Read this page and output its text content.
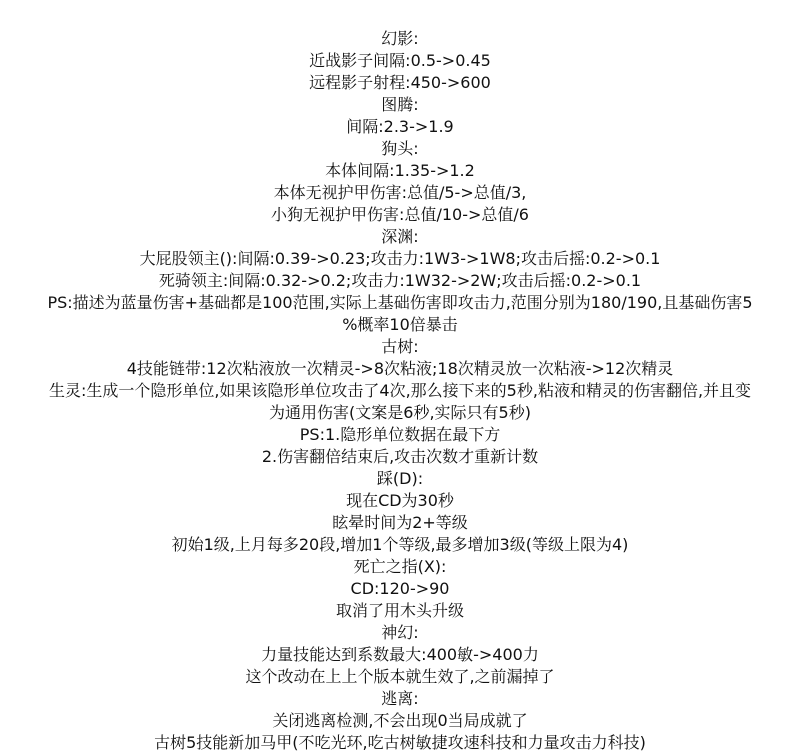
幻影:
近战影子间隔:0.5->0.45
远程影子射程:450->600
图腾:
间隔:2.3->1.9
狗头:
本体间隔:1.35->1.2
本体无视护甲伤害:总值/5->总值/3,
小狗无视护甲伤害:总值/10->总值/6
深渊:
大屁股领主():间隔:0.39->0.23;攻击力:1W3->1W8;攻击后摇:0.2->0.1
死骑领主:间隔:0.32->0.2;攻击力:1W32->2W;攻击后摇:0.2->0.1
PS:描述为蓝量伤害+基础都是100范围,实际上基础伤害即攻击力,范围分别为180/190,且基础伤害5
%概率10倍暴击
古树:
4技能链带:12次粘液放一次精灵->8次粘液;18次精灵放一次粘液->12次精灵
生灵:生成一个隐形单位,如果该隐形单位攻击了4次,那么接下来的5秒,粘液和精灵的伤害翻倍,并且变
为通用伤害(文案是6秒,实际只有5秒)
PS:1.隐形单位数据在最下方
2.伤害翻倍结束后,攻击次数才重新计数
踩(D):
现在CD为30秒
眩晕时间为2+等级
初始1级,上月每多20段,增加1个等级,最多增加3级(等级上限为4)
死亡之指(X):
CD:120->90
取消了用木头升级
神幻:
力量技能达到系数最大:400敏->400力
这个改动在上上个版本就生效了,之前漏掉了
逃离:
关闭逃离检测,不会出现0当局成就了
古树5技能新加马甲(不吃光环,吃古树敏捷攻速科技和力量攻击力科技)
